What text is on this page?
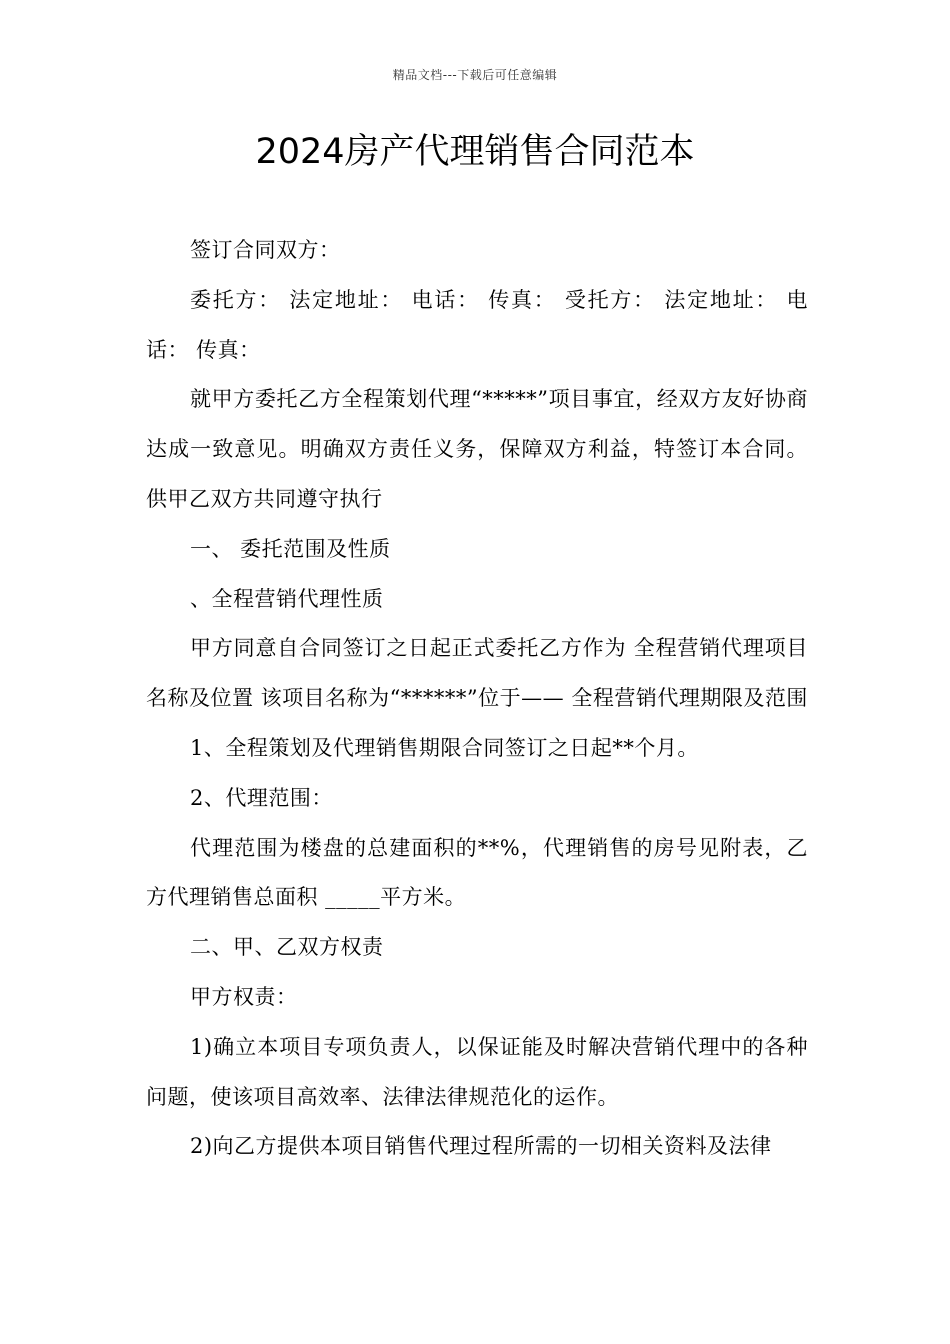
精品文档---下载后可任意编辑
2024房产代理销售合同范本

签订合同双方：

委托方： 法定地址： 电话： 传真： 受托方： 法定地址： 电话： 传真：

就甲方委托乙方全程策划代理“*****”项目事宜，经双方友好协商达成一致意见。明确双方责任义务，保障双方利益，特签订本合同。供甲乙双方共同遵守执行

一、 委托范围及性质

、全程营销代理性质

甲方同意自合同签订之日起正式委托乙方作为 全程营销代理项目名称及位置 该项目名称为“******”位于—— 全程营销代理期限及范围

1、全程策划及代理销售期限合同签订之日起**个月。

2、代理范围：

代理范围为楼盘的总建面积的**%，代理销售的房号见附表，乙方代理销售总面积 _____平方米。

二、甲、乙双方权责

甲方权责：

1)确立本项目专项负责人，以保证能及时解决营销代理中的各种问题，使该项目高效率、法律法律规范化的运作。

2)向乙方提供本项目销售代理过程所需的一切相关资料及法律
